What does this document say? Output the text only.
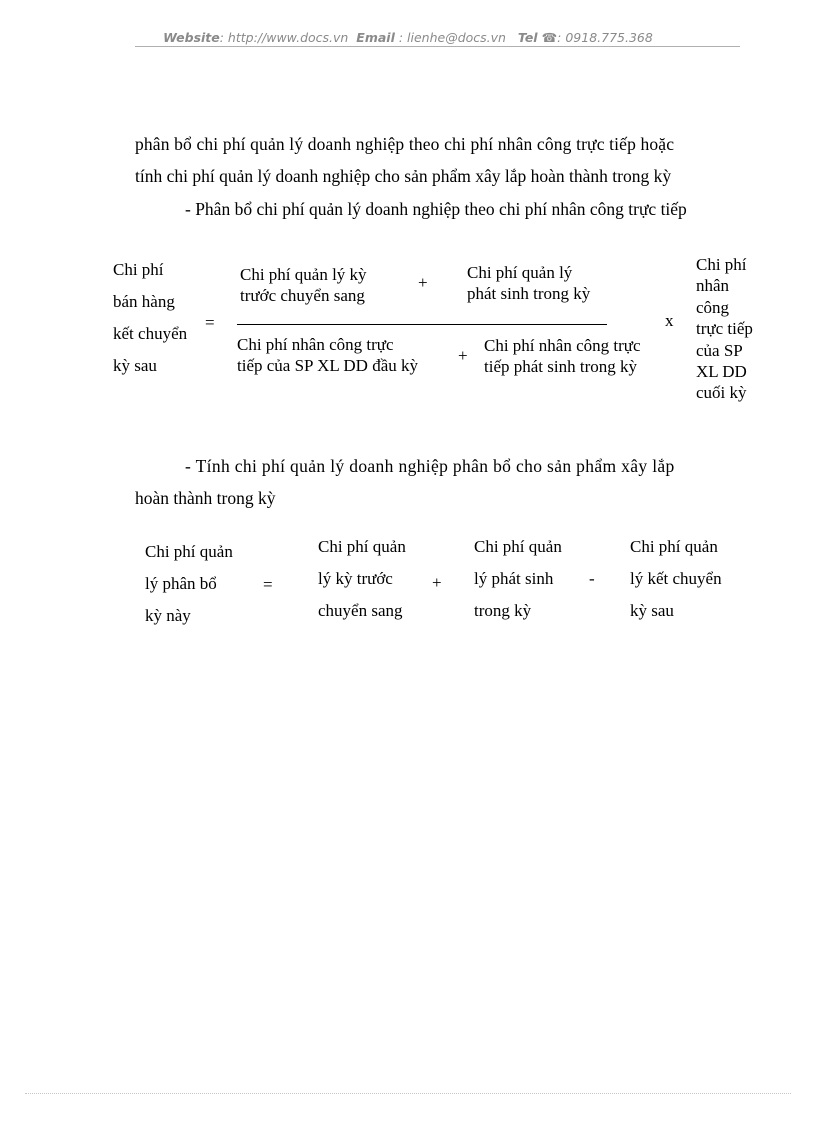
Website: http://www.docs.vn Email : lienhe@docs.vn Tel ☎: 0918.775.368
phân bổ chi phí quản lý doanh nghiệp theo chi phí nhân công trực tiếp hoặc
tính chi phí quản lý doanh nghiệp cho sản phẩm xây lắp hoàn thành trong kỳ
- Phân bổ chi phí quản lý doanh nghiệp theo chi phí nhân công trực tiếp
Chi phí
bán hàng
kết chuyển
kỳ sau
=
Chi phí quản lý kỳ
trước chuyển sang
+
Chi phí quản lý
phát sinh trong kỳ
Chi phí nhân công trực
tiếp của SP XL DD đầu kỳ
+
Chi phí nhân công trực
tiếp phát sinh trong kỳ
x
Chi phí
nhân
công
trực tiếp
của SP
XL DD
cuối kỳ
- Tính chi phí quản lý doanh nghiệp phân bổ cho sản phẩm xây lắp
hoàn thành trong kỳ
Chi phí quản
lý phân bổ
kỳ này
=
Chi phí quản
lý kỳ trước
chuyển sang
+
Chi phí quản
lý phát sinh
trong kỳ
-
Chi phí quản
lý kết chuyển
kỳ sau
